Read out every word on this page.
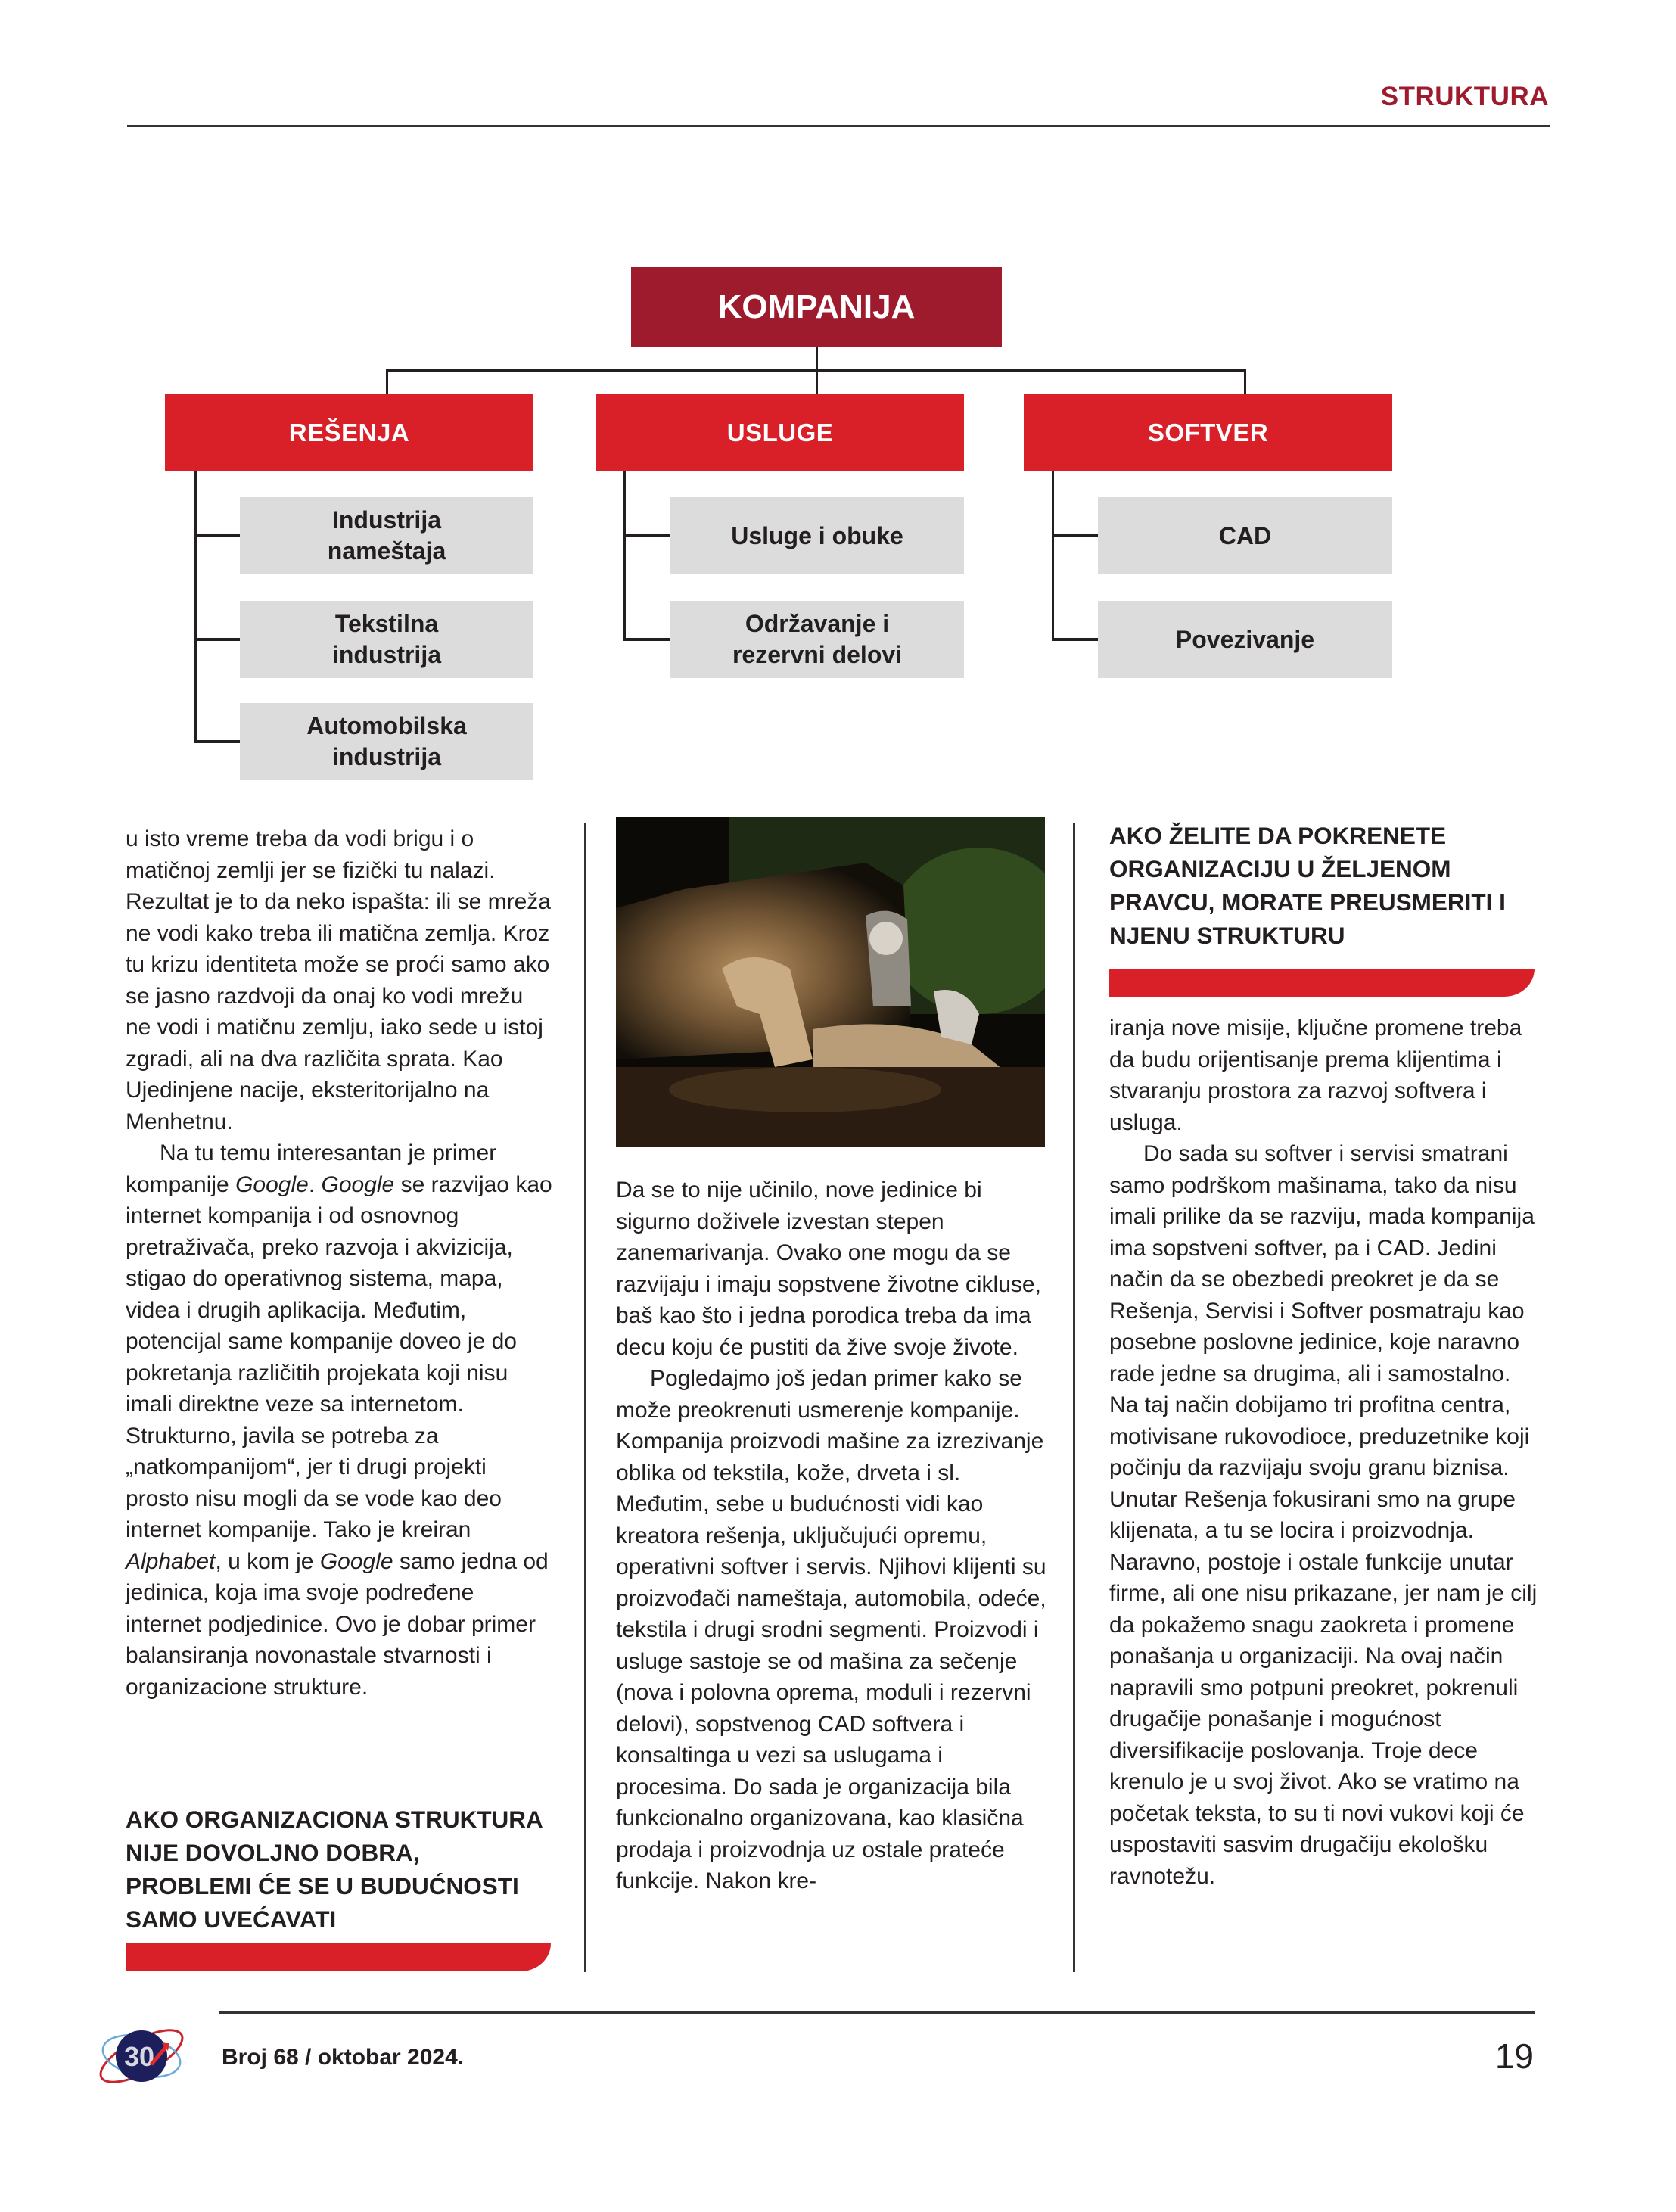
STRUKTURA
KOMPANIJA
REŠENJA	USLUGE	SOFTVER
Industrija nameštaja
Tekstilna industrija
Automobilska industrija
Usluge i obuke
Održavanje i rezervni delovi
CAD
Povezivanje

u isto vreme treba da vodi brigu i o matičnoj zemlji jer se fizički tu nalazi. Rezultat je to da neko ispašta: ili se mreža ne vodi kako treba ili matična zemlja. Kroz tu krizu identiteta može se proći samo ako se jasno razdvoji da onaj ko vodi mrežu ne vodi i matičnu zemlju, iako sede u istoj zgradi, ali na dva različita sprata. Kao Ujedinjene nacije, eksteritorijalno na Menhetnu.

Na tu temu interesantan je primer kompanije Google. Google se razvijao kao internet kompanija i od osnovnog pretraživača, preko razvoja i akvizicija, stigao do operativnog sistema, mapa, videa i drugih aplikacija. Međutim, potencijal same kompanije doveo je do pokretanja različitih projekata koji nisu imali direktne veze sa internetom. Strukturno, javila se potreba za „natkompanijom“, jer ti drugi projekti prosto nisu mogli da se vode kao deo internet kompanije. Tako je kreiran Alphabet, u kom je Google samo jedna od jedinica, koja ima svoje podređene internet podjedinice. Ovo je dobar primer balansiranja novonastale stvarnosti i organizacione strukture.

AKO ORGANIZACIONA STRUKTURA NIJE DOVOLJNO DOBRA, PROBLEMI ĆE SE U BUDUĆNOSTI SAMO UVEĆAVATI

Da se to nije učinilo, nove jedinice bi sigurno doživele izvestan stepen zanemarivanja. Ovako one mogu da se razvijaju i imaju sopstvene životne cikluse, baš kao što i jedna porodica treba da ima decu koju će pustiti da žive svoje živote.

Pogledajmo još jedan primer kako se može preokrenuti usmerenje kompanije. Kompanija proizvodi mašine za izrezivanje oblika od tekstila, kože, drveta i sl. Međutim, sebe u budućnosti vidi kao kreatora rešenja, uključujući opremu, operativni softver i servis. Njihovi klijenti su proizvođači nameštaja, automobila, odeće, tekstila i drugi srodni segmenti. Proizvodi i usluge sastoje se od mašina za sečenje (nova i polovna oprema, moduli i rezervni delovi), sopstvenog CAD softvera i konsaltinga u vezi sa uslugama i procesima. Do sada je organizacija bila funkcionalno organizovana, kao klasična prodaja i proizvodnja uz ostale prateće funkcije. Nakon kre-

AKO ŽELITE DA POKRENETE ORGANIZACIJU U ŽELJENOM PRAVCU, MORATE PREUSMERITI I NJENU STRUKTURU

iranja nove misije, ključne promene treba da budu orijentisanje prema klijentima i stvaranju prostora za razvoj softvera i usluga.

Do sada su softver i servisi smatrani samo podrškom mašinama, tako da nisu imali prilike da se razviju, mada kompanija ima sopstveni softver, pa i CAD. Jedini način da se obezbedi preokret je da se Rešenja, Servisi i Softver posmatraju kao posebne poslovne jedinice, koje naravno rade jedne sa drugima, ali i samostalno. Na taj način dobijamo tri profitna centra, motivisane rukovodioce, preduzetnike koji počinju da razvijaju svoju granu biznisa. Unutar Rešenja fokusirani smo na grupe klijenata, a tu se locira i proizvodnja. Naravno, postoje i ostale funkcije unutar firme, ali one nisu prikazane, jer nam je cilj da pokažemo snagu zaokreta i promene ponašanja u organizaciji. Na ovaj način napravili smo potpuni preokret, pokrenuli drugačije ponašanje i mogućnost diversifikacije poslovanja. Troje dece krenulo je u svoj život. Ako se vratimo na početak teksta, to su ti novi vukovi koji će uspostaviti sasvim drugačiju ekološku ravnotežu.

30	Broj 68 / oktobar 2024.	19
